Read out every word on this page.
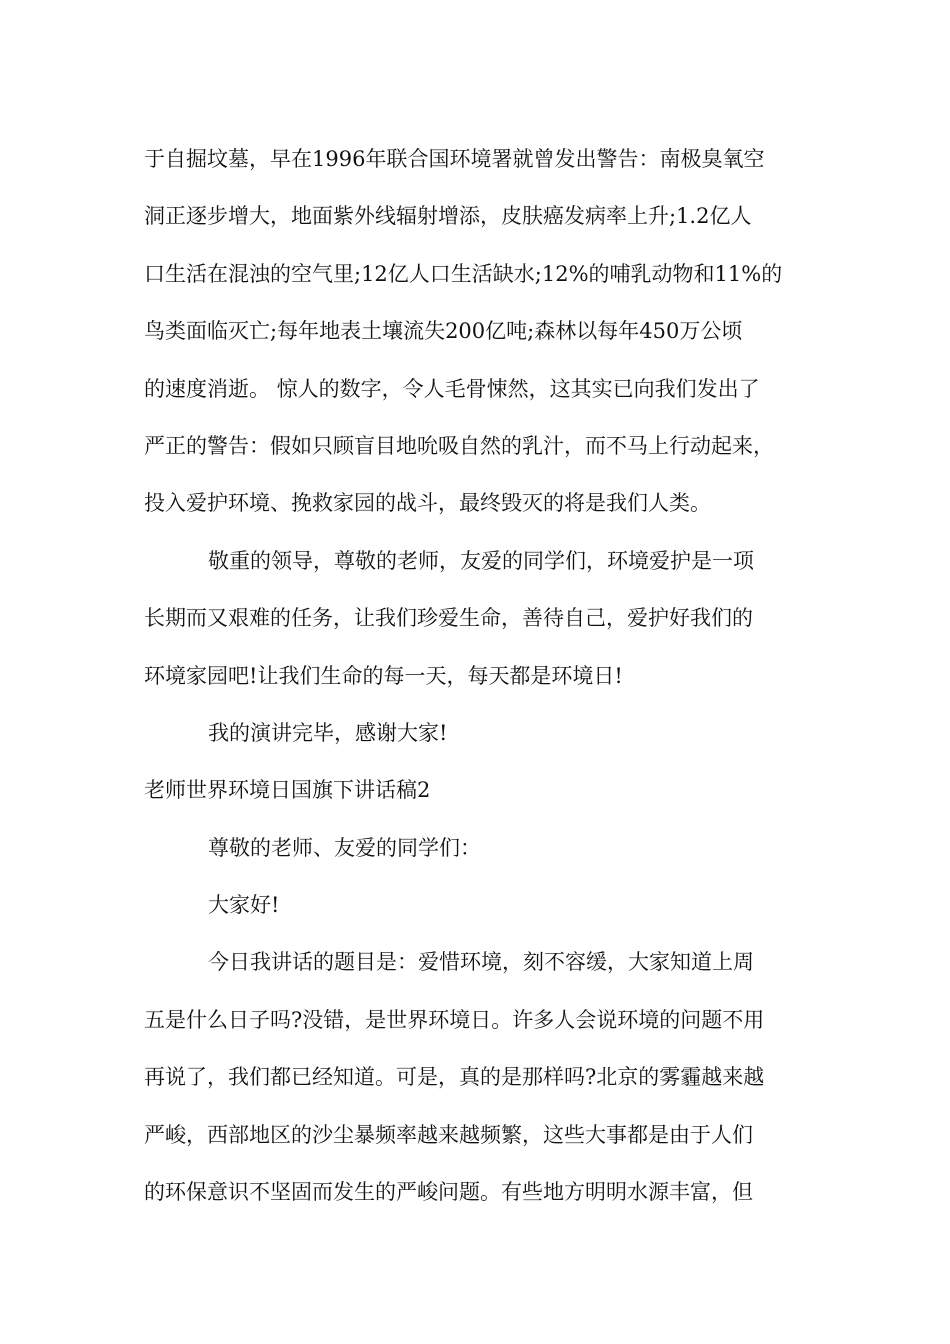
于自掘坟墓，早在1996年联合国环境署就曾发出警告：南极臭氧空
洞正逐步增大，地面紫外线辐射增添，皮肤癌发病率上升;1.2亿人
口生活在混浊的空气里;12亿人口生活缺水;12%的哺乳动物和11%的
鸟类面临灭亡;每年地表土壤流失200亿吨;森林以每年450万公顷
的速度消逝。 惊人的数字，令人毛骨悚然，这其实已向我们发出了
严正的警告：假如只顾盲目地吮吸自然的乳汁，而不马上行动起来，
投入爱护环境、挽救家园的战斗，最终毁灭的将是我们人类。
敬重的领导，尊敬的老师，友爱的同学们，环境爱护是一项
长期而又艰难的任务，让我们珍爱生命，善待自己，爱护好我们的
环境家园吧!让我们生命的每一天，每天都是环境日!
我的演讲完毕，感谢大家!
老师世界环境日国旗下讲话稿2
尊敬的老师、友爱的同学们：
大家好!
今日我讲话的题目是：爱惜环境，刻不容缓，大家知道上周
五是什么日子吗?没错，是世界环境日。许多人会说环境的问题不用
再说了，我们都已经知道。可是，真的是那样吗?北京的雾霾越来越
严峻，西部地区的沙尘暴频率越来越频繁，这些大事都是由于人们
的环保意识不坚固而发生的严峻问题。有些地方明明水源丰富，但
